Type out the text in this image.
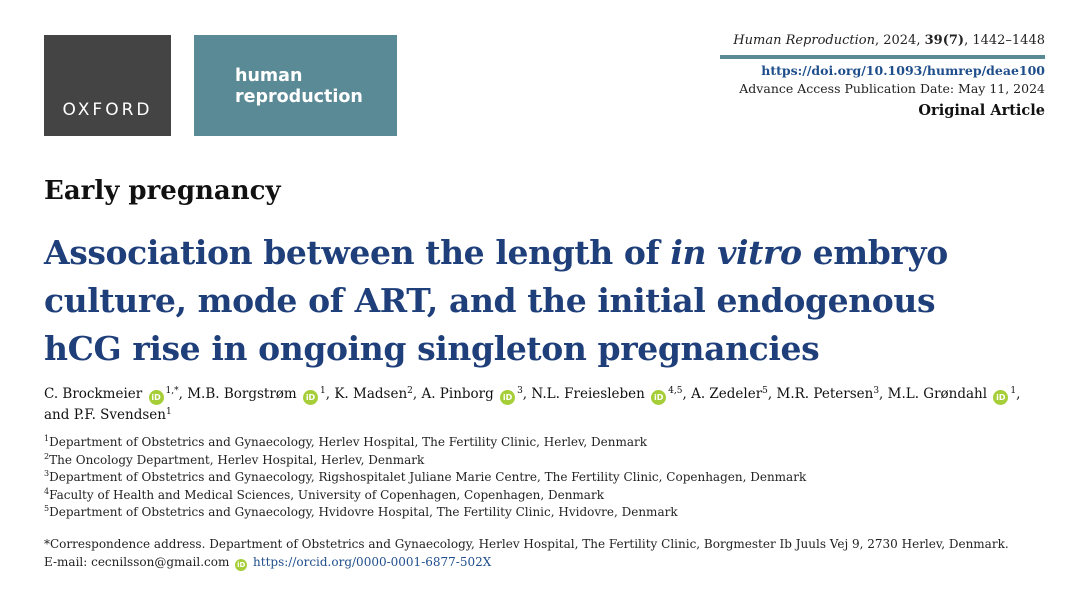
OXFORD
human
reproduction
Human Reproduction, 2024, 39(7), 1442–1448
https://doi.org/10.1093/humrep/deae100
Advance Access Publication Date: May 11, 2024
Original Article
Early pregnancy
Association between the length of in vitro embryo culture, mode of ART, and the initial endogenous hCG rise in ongoing singleton pregnancies
C. Brockmeier $iD^{1,*}$, M.B. Borgstrøm $iD^1$, K. Madsen$^2$, A. Pinborg $iD^3$, N.L. Freiesleben iD$^{4,5}$, A. Zedeler$^5$, M.R. Petersen$^3$, M.L. Grøndahl $iD^1$, and P.F. Svendsen$^1$
$^1$Department of Obstetrics and Gynaecology, Herlev Hospital, The Fertility Clinic, Herlev, Denmark
$^2$The Oncology Department, Herlev Hospital, Herlev, Denmark
$^3$Department of Obstetrics and Gynaecology, Rigshospitalet Juliane Marie Centre, The Fertility Clinic, Copenhagen, Denmark
$^4$Faculty of Health and Medical Sciences, University of Copenhagen, Copenhagen, Denmark
$^5$Department of Obstetrics and Gynaecology, Hvidovre Hospital, The Fertility Clinic, Hvidovre, Denmark
*Correspondence address. Department of Obstetrics and Gynaecology, Herlev Hospital, The Fertility Clinic, Borgmester Ib Juuls Vej 9, 2730 Herlev, Denmark.
E-mail: cecnilsson@gmail.com iD https://orcid.org/0000-0001-6877-502X
